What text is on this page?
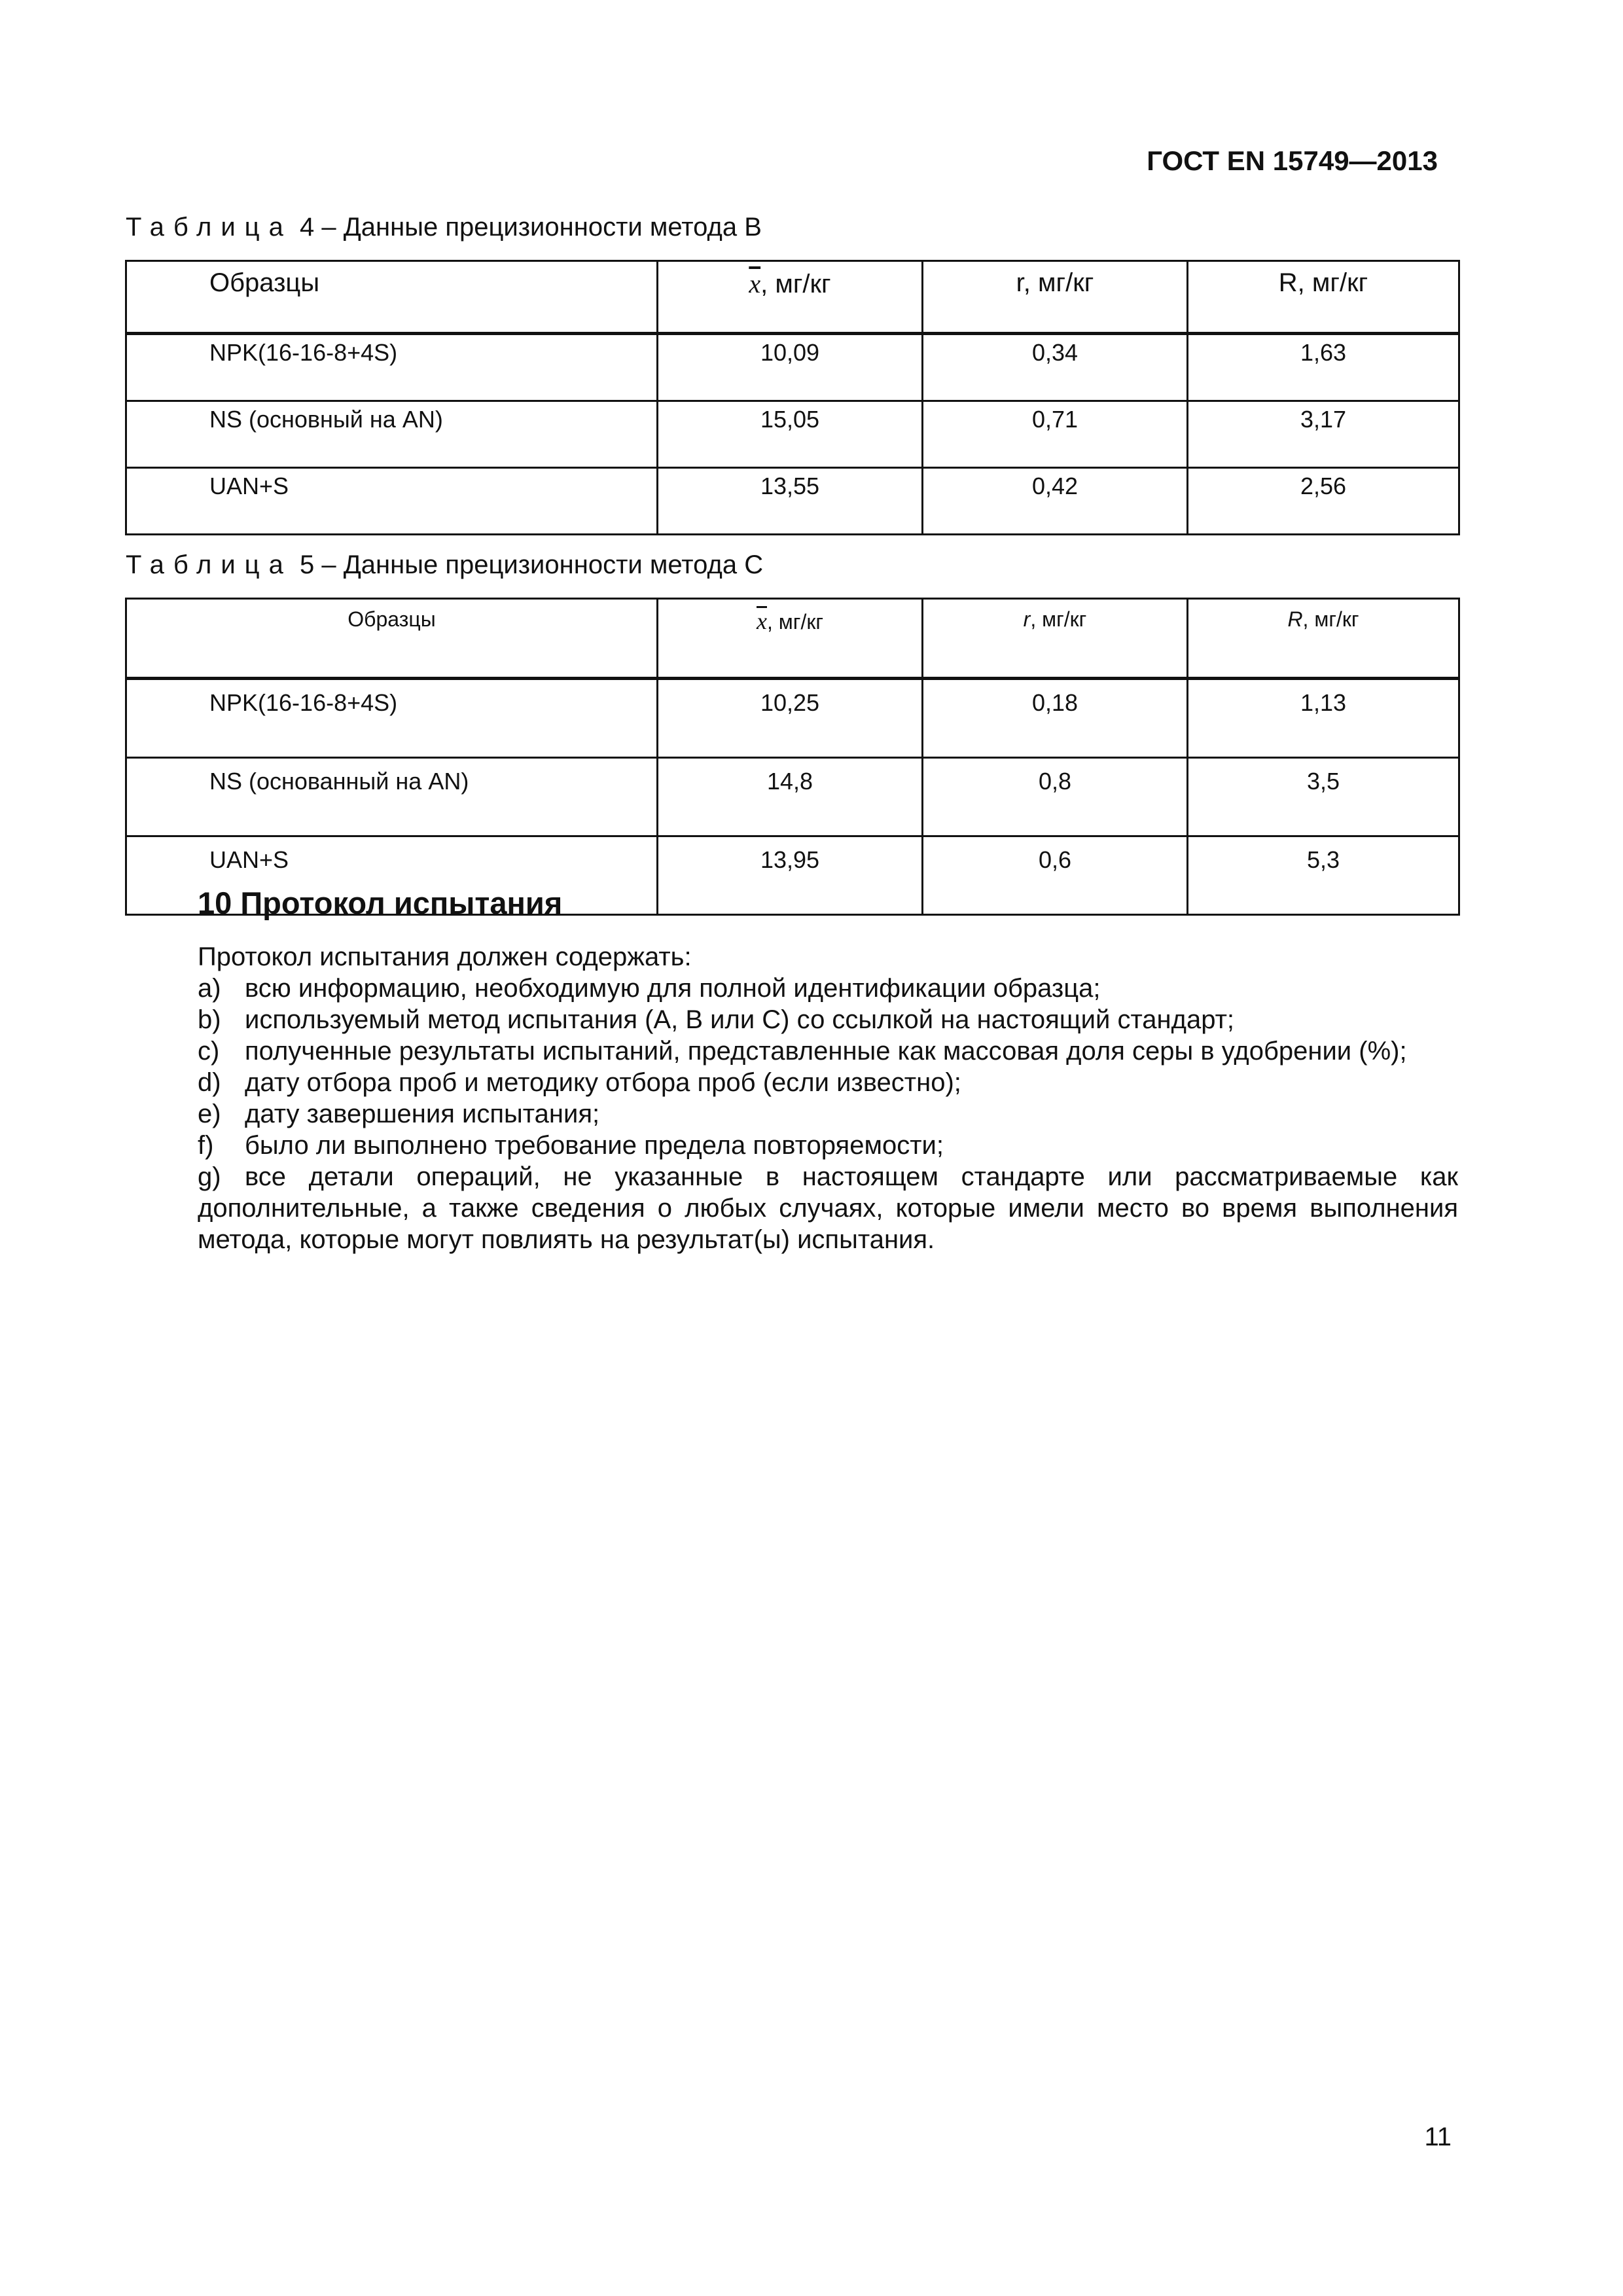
ГОСТ EN 15749—2013
Таблица 4 – Данные прецизионности метода В
Образцы	$\overline{x}$, мг/кг	r, мг/кг	R, мг/кг
NPK(16-16-8+4S)	10,09	0,34	1,63
NS (основный на AN)	15,05	0,71	3,17
UAN+S	13,55	0,42	2,56
Таблица 5 – Данные прецизионности метода С
Образцы	$\overline{x}$, мг/кг	r, мг/кг	R, мг/кг
NPK(16-16-8+4S)	10,25	0,18	1,13
NS (основанный на AN)	14,8	0,8	3,5
UAN+S	13,95	0,6	5,3
10 Протокол испытания

Протокол испытания должен содержать:

a) всю информацию, необходимую для полной идентификации образца;

b) используемый метод испытания (А, В или С) со ссылкой на настоящий стандарт;

c) полученные результаты испытаний, представленные как массовая доля серы в удобрении (%);

d) дату отбора проб и методику отбора проб (если известно);

e) дату завершения испытания;

f)	было ли выполнено требование предела повторяемости;

g) все детали операций, не указанные в настоящем стандарте или рассматриваемые как дополнительные, а также сведения о любых случаях, которые имели место во время выполнения метода, которые могут повлиять на результат(ы) испытания.

11
